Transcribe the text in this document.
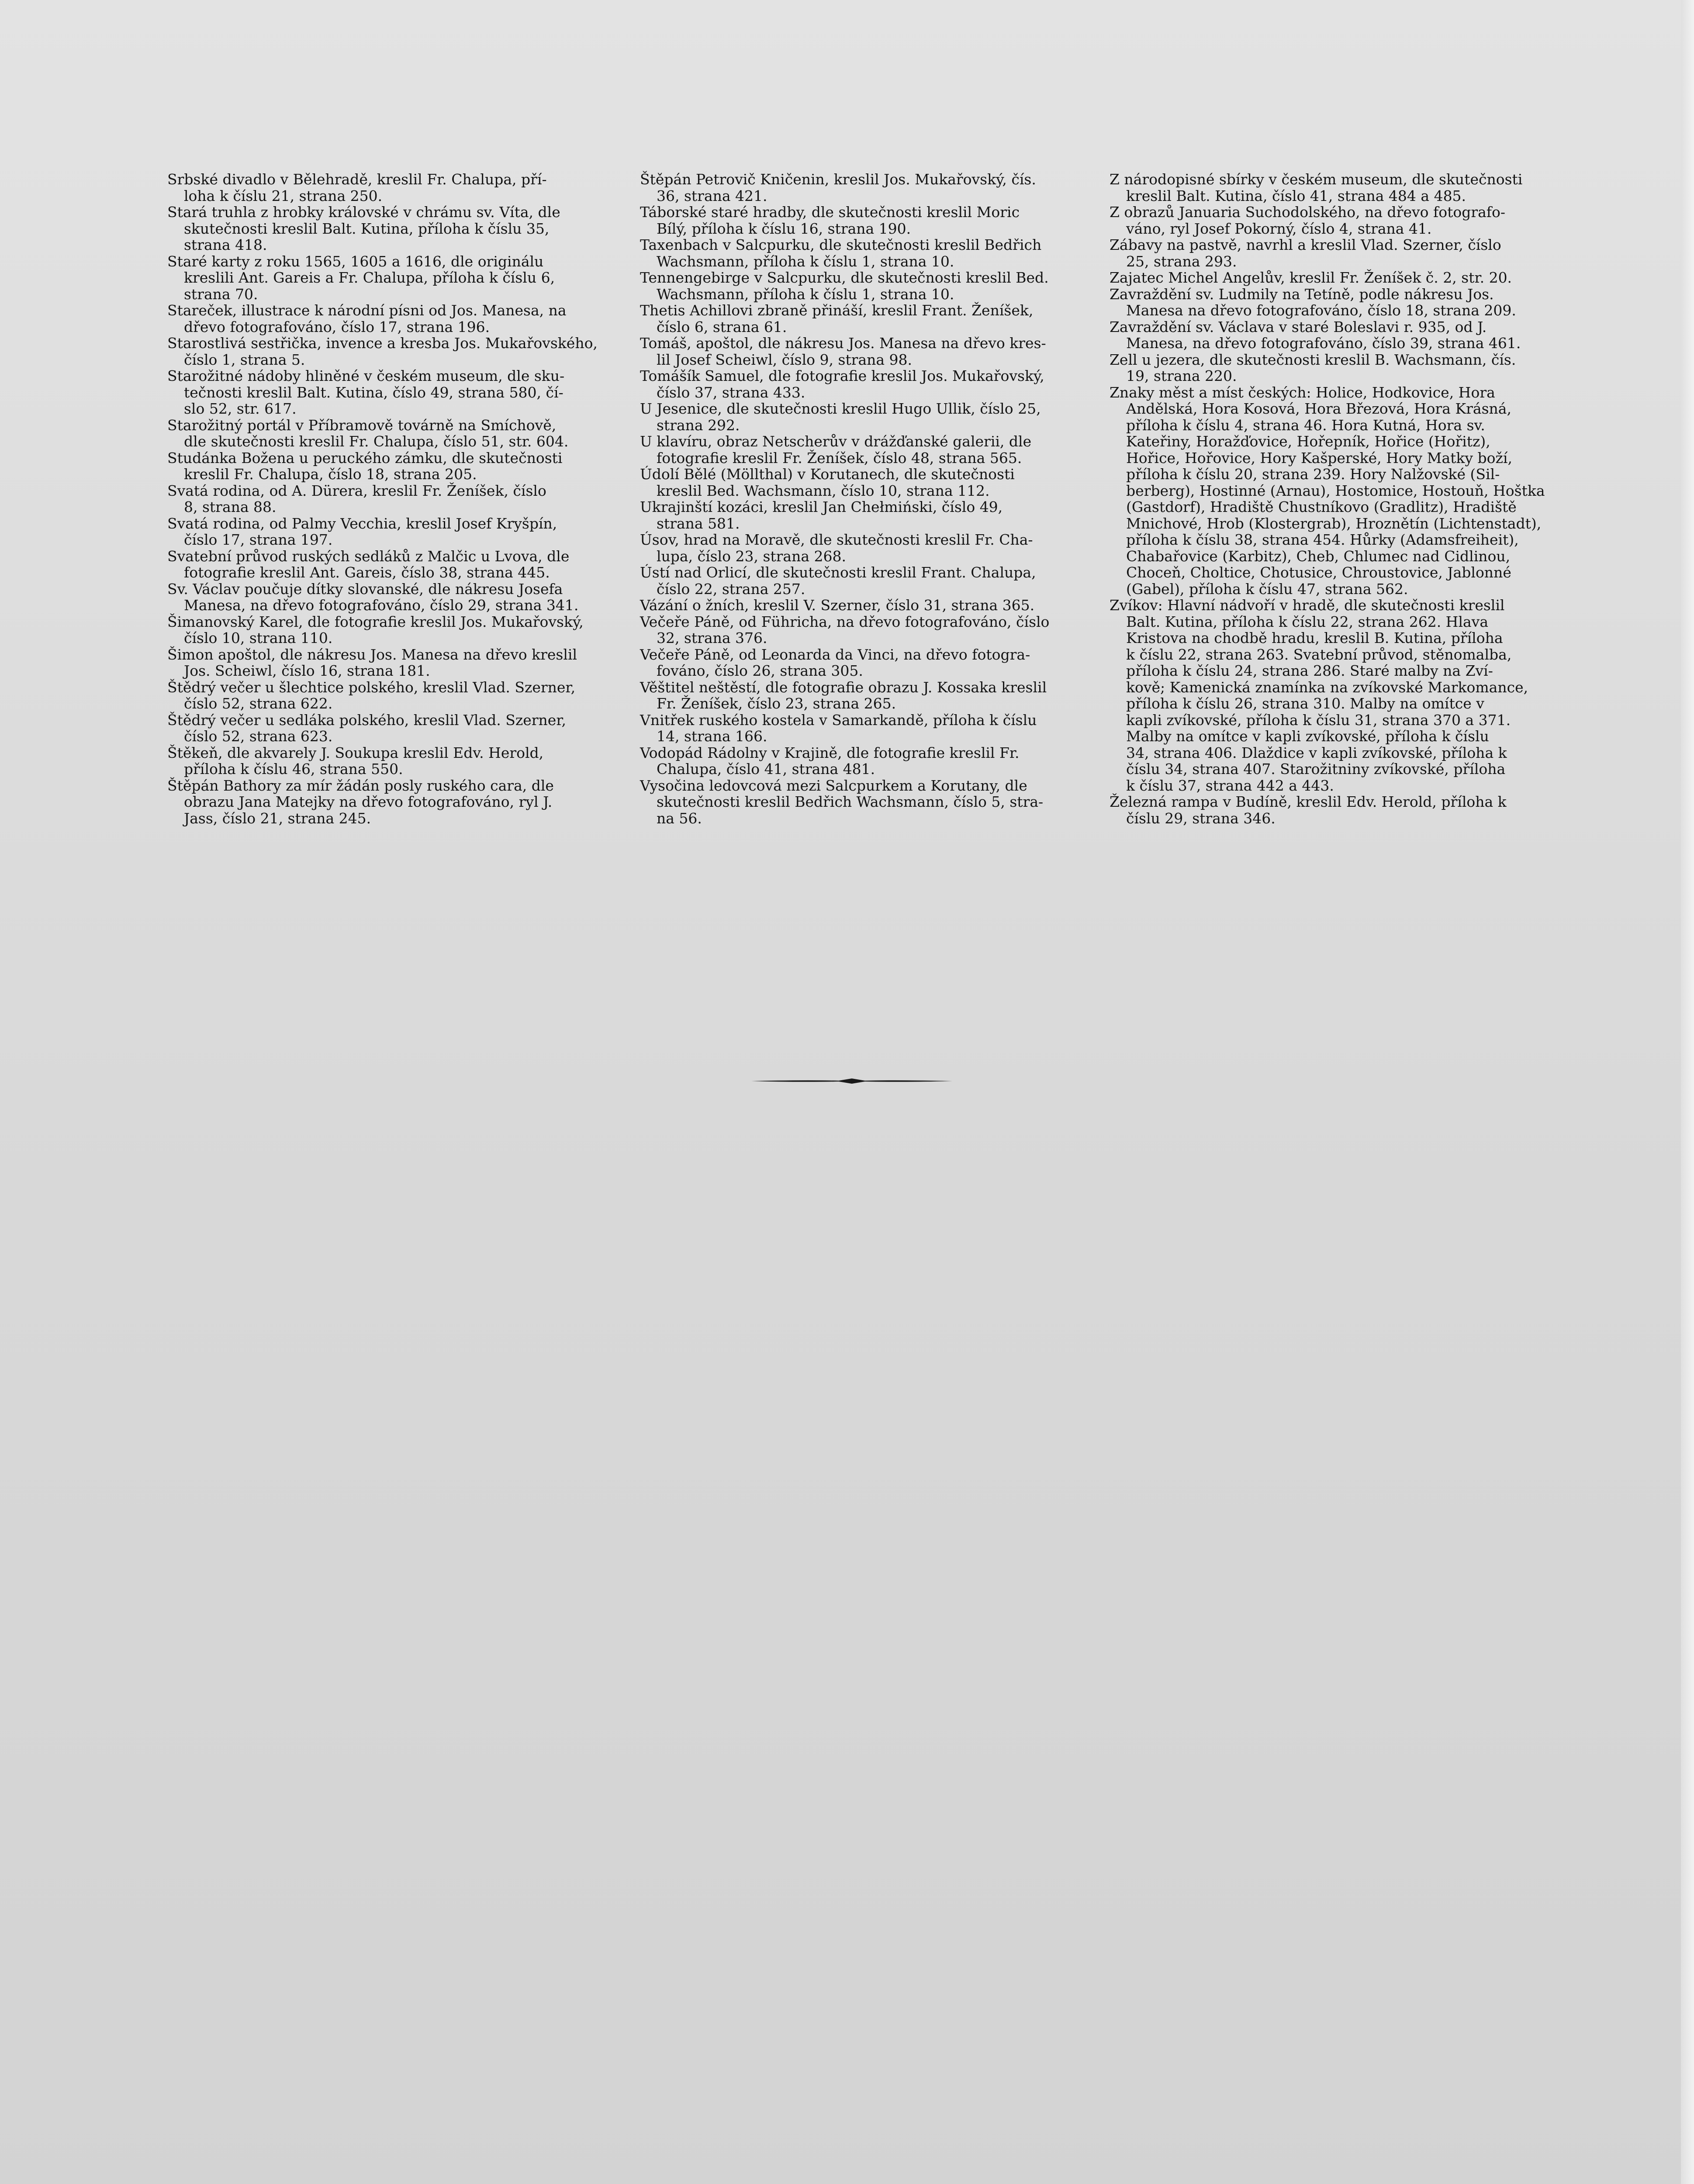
Srbské divadlo v Bělehradě, kreslil Fr. Chalupa, pří-
loha k číslu 21, strana 250.

Stará truhla z hrobky královské v chrámu sv. Víta, dle
skutečnosti kreslil Balt. Kutina, příloha k číslu 35,
strana 418.

Staré karty z roku 1565, 1605 a 1616, dle originálu
kreslili Ant. Gareis a Fr. Chalupa, příloha k číslu 6,
strana 70.

Stareček, illustrace k národní písni od Jos. Manesa, na
dřevo fotografováno, číslo 17, strana 196.

Starostlivá sestřička, invence a kresba Jos. Mukařovského,
číslo 1, strana 5.

Starožitné nádoby hliněné v českém museum, dle sku-
tečnosti kreslil Balt. Kutina, číslo 49, strana 580, čí-
slo 52, str. 617.

Starožitný portál v Příbramově továrně na Smíchově,
dle skutečnosti kreslil Fr. Chalupa, číslo 51, str. 604.

Studánka Božena u peruckého zámku, dle skutečnosti
kreslil Fr. Chalupa, číslo 18, strana 205.

Svatá rodina, od A. Dürera, kreslil Fr. Ženíšek, číslo
8, strana 88.

Svatá rodina, od Palmy Vecchia, kreslil Josef Kryšpín,
číslo 17, strana 197.

Svatební průvod ruských sedláků z Malčic u Lvova, dle
fotografie kreslil Ant. Gareis, číslo 38, strana 445.

Sv. Václav poučuje dítky slovanské, dle nákresu Josefa
Manesa, na dřevo fotografováno, číslo 29, strana 341.

Šimanovský Karel, dle fotografie kreslil Jos. Mukařovský,
číslo 10, strana 110.

Šimon apoštol, dle nákresu Jos. Manesa na dřevo kreslil
Jos. Scheiwl, číslo 16, strana 181.

Štědrý večer u šlechtice polského, kreslil Vlad. Szerner,
číslo 52, strana 622.

Štědrý večer u sedláka polského, kreslil Vlad. Szerner,
číslo 52, strana 623.

Štěkeň, dle akvarely J. Soukupa kreslil Edv. Herold,
příloha k číslu 46, strana 550.

Štěpán Bathory za mír žádán posly ruského cara, dle
obrazu Jana Matejky na dřevo fotografováno, ryl J.
Jass, číslo 21, strana 245.

Štěpán Petrovič Kničenin, kreslil Jos. Mukařovský, čís.
36, strana 421.

Táborské staré hradby, dle skutečnosti kreslil Moric
Bílý, příloha k číslu 16, strana 190.

Taxenbach v Salcpurku, dle skutečnosti kreslil Bedřich
Wachsmann, příloha k číslu 1, strana 10.

Tennengebirge v Salcpurku, dle skutečnosti kreslil Bed.
Wachsmann, příloha k číslu 1, strana 10.

Thetis Achillovi zbraně přináší, kreslil Frant. Ženíšek,
číslo 6, strana 61.

Tomáš, apoštol, dle nákresu Jos. Manesa na dřevo kres-
lil Josef Scheiwl, číslo 9, strana 98.

Tomášík Samuel, dle fotografie kreslil Jos. Mukařovský,
číslo 37, strana 433.

U Jesenice, dle skutečnosti kreslil Hugo Ullik, číslo 25,
strana 292.

U klavíru, obraz Netscherův v drážďanské galerii, dle
fotografie kreslil Fr. Ženíšek, číslo 48, strana 565.

Údolí Bělé (Möllthal) v Korutanech, dle skutečnosti
kreslil Bed. Wachsmann, číslo 10, strana 112.

Ukrajinští kozáci, kreslil Jan Chełmiński, číslo 49,
strana 581.

Úsov, hrad na Moravě, dle skutečnosti kreslil Fr. Cha-
lupa, číslo 23, strana 268.

Ústí nad Orlicí, dle skutečnosti kreslil Frant. Chalupa,
číslo 22, strana 257.

Vázání o žních, kreslil V. Szerner, číslo 31, strana 365.

Večeře Páně, od Führicha, na dřevo fotografováno, číslo
32, strana 376.

Večeře Páně, od Leonarda da Vinci, na dřevo fotogra-
fováno, číslo 26, strana 305.

Věštitel neštěstí, dle fotografie obrazu J. Kossaka kreslil
Fr. Ženíšek, číslo 23, strana 265.

Vnitřek ruského kostela v Samarkandě, příloha k číslu
14, strana 166.

Vodopád Rádolny v Krajině, dle fotografie kreslil Fr.
Chalupa, číslo 41, strana 481.

Vysočina ledovcová mezi Salcpurkem a Korutany, dle
skutečnosti kreslil Bedřich Wachsmann, číslo 5, stra-
na 56.

Z národopisné sbírky v českém museum, dle skutečnosti
kreslil Balt. Kutina, číslo 41, strana 484 a 485.

Z obrazů Januaria Suchodolského, na dřevo fotografo-
váno, ryl Josef Pokorný, číslo 4, strana 41.

Zábavy na pastvě, navrhl a kreslil Vlad. Szerner, číslo
25, strana 293.

Zajatec Michel Angelův, kreslil Fr. Ženíšek č. 2, str. 20.

Zavraždění sv. Ludmily na Tetíně, podle nákresu Jos.
Manesa na dřevo fotografováno, číslo 18, strana 209.

Zavraždění sv. Václava v staré Boleslavi r. 935, od J.
Manesa, na dřevo fotografováno, číslo 39, strana 461.

Zell u jezera, dle skutečnosti kreslil B. Wachsmann, čís.
19, strana 220.

Znaky měst a míst českých: Holice, Hodkovice, Hora
Andělská, Hora Kosová, Hora Březová, Hora Krásná,
příloha k číslu 4, strana 46. Hora Kutná, Hora sv.
Kateřiny, Horažďovice, Hořepník, Hořice (Hořitz),
Hořice, Hořovice, Hory Kašperské, Hory Matky boží,
příloha k číslu 20, strana 239. Hory Nalžovské (Sil-
berberg), Hostinné (Arnau), Hostomice, Hostouň, Hoštka
(Gastdorf), Hradiště Chustníkovo (Gradlitz), Hradiště
Mnichové, Hrob (Klostergrab), Hroznětín (Lichtenstadt),
příloha k číslu 38, strana 454. Hůrky (Adamsfreiheit),
Chabařovice (Karbitz), Cheb, Chlumec nad Cidlinou,
Choceň, Choltice, Chotusice, Chroustovice, Jablonné
(Gabel), příloha k číslu 47, strana 562.

Zvíkov: Hlavní nádvoří v hradě, dle skutečnosti kreslil
Balt. Kutina, příloha k číslu 22, strana 262. Hlava
Kristova na chodbě hradu, kreslil B. Kutina, příloha
k číslu 22, strana 263. Svatební průvod, stěnomalba,
příloha k číslu 24, strana 286. Staré malby na Zví-
kově; Kamenická znamínka na zvíkovské Markomance,
příloha k číslu 26, strana 310. Malby na omítce v
kapli zvíkovské, příloha k číslu 31, strana 370 a 371.
Malby na omítce v kapli zvíkovské, příloha k číslu
34, strana 406. Dlaždice v kapli zvíkovské, příloha k
číslu 34, strana 407. Starožitniny zvíkovské, příloha
k číslu 37, strana 442 a 443.

Železná rampa v Budíně, kreslil Edv. Herold, příloha k
číslu 29, strana 346.
